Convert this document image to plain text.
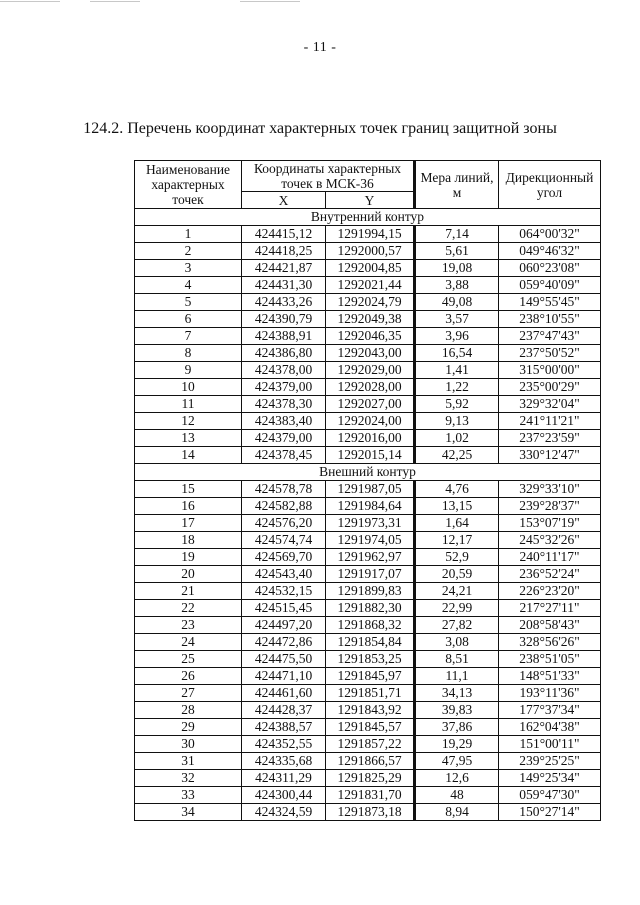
- 11 -
124.2. Перечень координат характерных точек границ защитной зоны
Наименование характерных точек	Координаты характерных точек в МСК-36		Мера линий, м	Дирекционный угол
	X	Y		
Внутренний контур				
1	424415,12	1291994,15	7,14	064°00'32"
2	424418,25	1292000,57	5,61	049°46'32"
3	424421,87	1292004,85	19,08	060°23'08"
4	424431,30	1292021,44	3,88	059°40'09"
5	424433,26	1292024,79	49,08	149°55'45"
6	424390,79	1292049,38	3,57	238°10'55"
7	424388,91	1292046,35	3,96	237°47'43"
8	424386,80	1292043,00	16,54	237°50'52"
9	424378,00	1292029,00	1,41	315°00'00"
10	424379,00	1292028,00	1,22	235°00'29"
11	424378,30	1292027,00	5,92	329°32'04"
12	424383,40	1292024,00	9,13	241°11'21"
13	424379,00	1292016,00	1,02	237°23'59"
14	424378,45	1292015,14	42,25	330°12'47"
Внешний контур				
15	424578,78	1291987,05	4,76	329°33'10"
16	424582,88	1291984,64	13,15	239°28'37"
17	424576,20	1291973,31	1,64	153°07'19"
18	424574,74	1291974,05	12,17	245°32'26"
19	424569,70	1291962,97	52,9	240°11'17"
20	424543,40	1291917,07	20,59	236°52'24"
21	424532,15	1291899,83	24,21	226°23'20"
22	424515,45	1291882,30	22,99	217°27'11"
23	424497,20	1291868,32	27,82	208°58'43"
24	424472,86	1291854,84	3,08	328°56'26"
25	424475,50	1291853,25	8,51	238°51'05"
26	424471,10	1291845,97	11,1	148°51'33"
27	424461,60	1291851,71	34,13	193°11'36"
28	424428,37	1291843,92	39,83	177°37'34"
29	424388,57	1291845,57	37,86	162°04'38"
30	424352,55	1291857,22	19,29	151°00'11"
31	424335,68	1291866,57	47,95	239°25'25"
32	424311,29	1291825,29	12,6	149°25'34"
33	424300,44	1291831,70	48	059°47'30"
34	424324,59	1291873,18	8,94	150°27'14"
